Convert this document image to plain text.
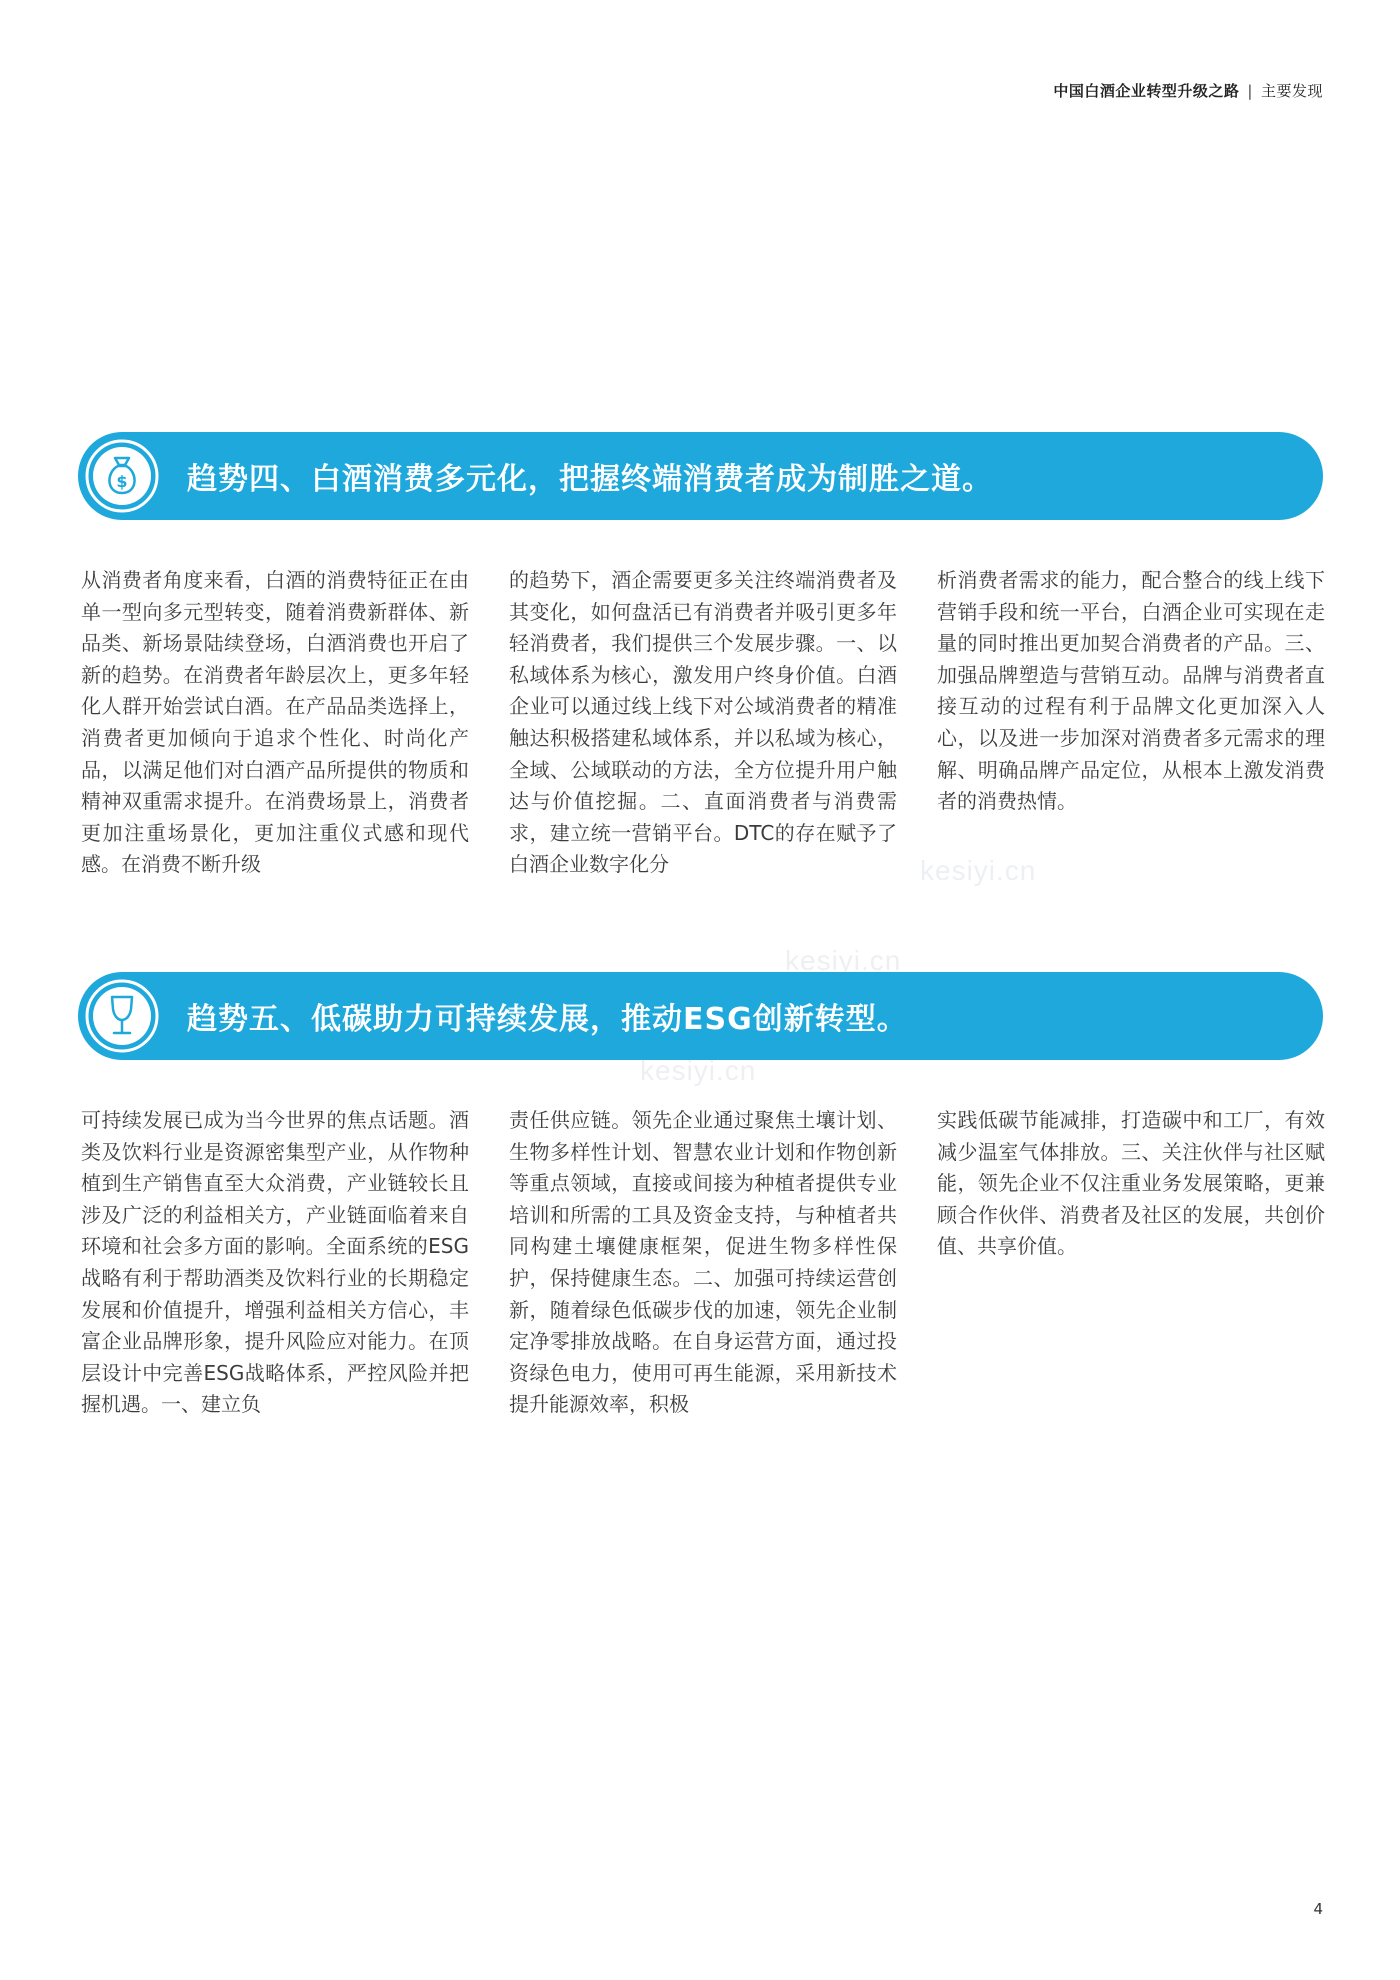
中国白酒企业转型升级之路 | 主要发现
$ 趋势四、白酒消费多元化，把握终端消费者成为制胜之道。

从消费者角度来看，白酒的消费特征正在由单一型向多元型转变，随着消费新群体、新品类、新场景陆续登场，白酒消费也开启了新的趋势。在消费者年龄层次上，更多年轻化人群开始尝试白酒。在产品品类选择上，消费者更加倾向于追求个性化、时尚化产品，以满足他们对白酒产品所提供的物质和精神双重需求提升。在消费场景上，消费者更加注重场景化，更加注重仪式感和现代感。在消费不断升级

的趋势下，酒企需要更多关注终端消费者及其变化，如何盘活已有消费者并吸引更多年轻消费者，我们提供三个发展步骤。一、以私域体系为核心，激发用户终身价值。白酒企业可以通过线上线下对公域消费者的精准触达积极搭建私域体系，并以私域为核心，全域、公域联动的方法，全方位提升用户触达与价值挖掘。二、直面消费者与消费需求，建立统一营销平台。DTC的存在赋予了白酒企业数字化分

析消费者需求的能力，配合整合的线上线下营销手段和统一平台，白酒企业可实现在走量的同时推出更加契合消费者的产品。三、加强品牌塑造与营销互动。品牌与消费者直接互动的过程有利于品牌文化更加深入人心，以及进一步加深对消费者多元需求的理解、明确品牌产品定位，从根本上激发消费者的消费热情。

趋势五、低碳助力可持续发展，推动ESG创新转型。

可持续发展已成为当今世界的焦点话题。酒类及饮料行业是资源密集型产业，从作物种植到生产销售直至大众消费，产业链较长且涉及广泛的利益相关方，产业链面临着来自环境和社会多方面的影响。全面系统的ESG战略有利于帮助酒类及饮料行业的长期稳定发展和价值提升，增强利益相关方信心，丰富企业品牌形象，提升风险应对能力。在顶层设计中完善ESG战略体系，严控风险并把握机遇。一、建立负

责任供应链。领先企业通过聚焦土壤计划、生物多样性计划、智慧农业计划和作物创新等重点领域，直接或间接为种植者提供专业培训和所需的工具及资金支持，与种植者共同构建土壤健康框架，促进生物多样性保护，保持健康生态。二、加强可持续运营创新，随着绿色低碳步伐的加速，领先企业制定净零排放战略。在自身运营方面，通过投资绿色电力，使用可再生能源，采用新技术提升能源效率，积极

实践低碳节能减排，打造碳中和工厂，有效减少温室气体排放。三、关注伙伴与社区赋能，领先企业不仅注重业务发展策略，更兼顾合作伙伴、消费者及社区的发展，共创价值、共享价值。

kesiyi.cn
kesiyi.cn
kesiyi.cn
4
